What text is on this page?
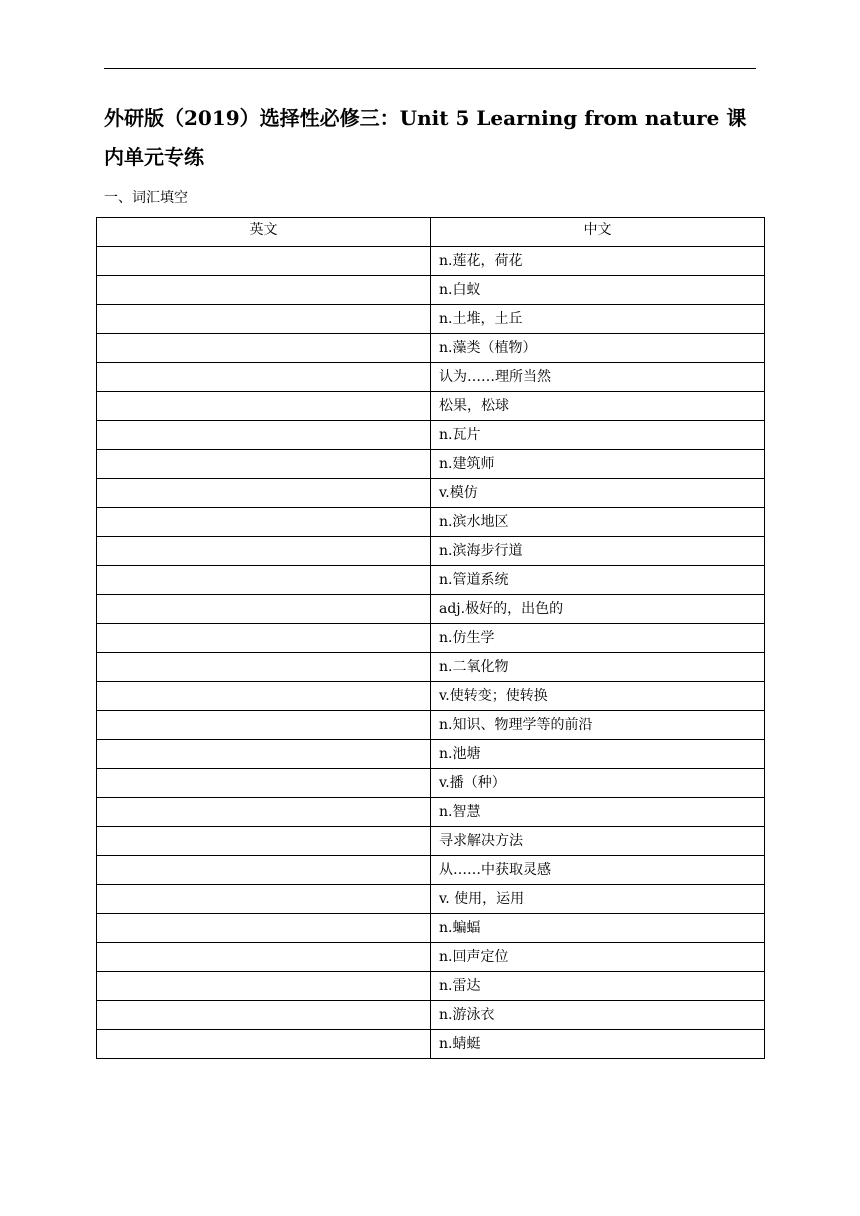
外研版（2019）选择性必修三：Unit 5 Learning from nature 课内单元专练
一、词汇填空
英文	中文
	n.莲花，荷花
	n.白蚁
	n.土堆，土丘
	n.藻类（植物）
	认为……理所当然
	松果，松球
	n.瓦片
	n.建筑师
	v.模仿
	n.滨水地区
	n.滨海步行道
	n.管道系统
	adj.极好的，出色的
	n.仿生学
	n.二氧化物
	v.使转变；使转换
	n.知识、物理学等的前沿
	n.池塘
	v.播（种）
	n.智慧
	寻求解决方法
	从……中获取灵感
	v. 使用，运用
	n.蝙蝠
	n.回声定位
	n.雷达
	n.游泳衣
	n.蜻蜓
